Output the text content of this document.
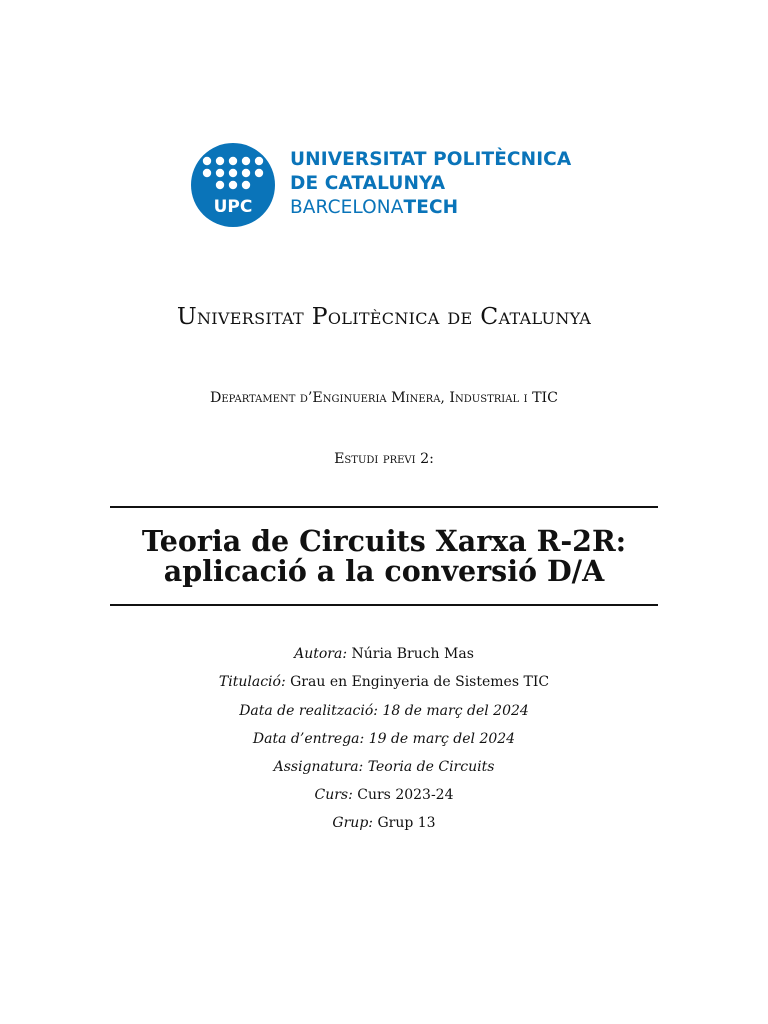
UPC
UNIVERSITAT POLITÈCNICA
DE CATALUNYA
BARCELONATECH
Universitat Politècnica de Catalunya
Departament d’Enginueria Minera, Industrial i TIC
Estudi previ 2:
Teoria de Circuits Xarxa R-2R:
aplicació a la conversió D/A
Autora: Núria Bruch Mas
Titulació: Grau en Enginyeria de Sistemes TIC
Data de realització: 18 de març del 2024
Data d’entrega: 19 de març del 2024
Assignatura: Teoria de Circuits
Curs: Curs 2023-24
Grup: Grup 13
